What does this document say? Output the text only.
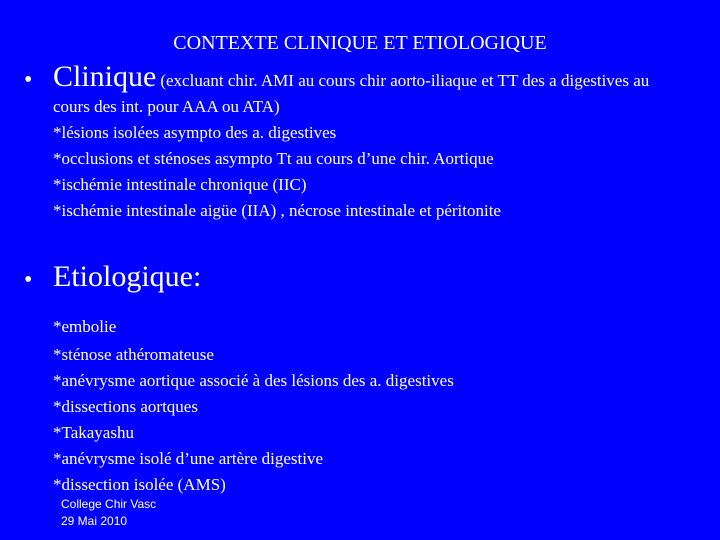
CONTEXTE CLINIQUE ET ETIOLOGIQUE
• Clinique (excluant chir. AMI au cours chir aorto-iliaque et TT des a digestives au
cours des int. pour AAA ou ATA)
*lésions isolées asympto des a. digestives
*occlusions et sténoses asympto Tt au cours d’une chir. Aortique
*ischémie intestinale chronique (IIC)
*ischémie intestinale aigüe (IIA) , nécrose intestinale et péritonite
• Etiologique:
*embolie
*sténose athéromateuse
*anévrysme aortique associé à des lésions des a. digestives
*dissections aortques
*Takayashu
*anévrysme isolé d’une artère digestive
*dissection isolée (AMS)
College Chir Vasc
29 Mai 2010
